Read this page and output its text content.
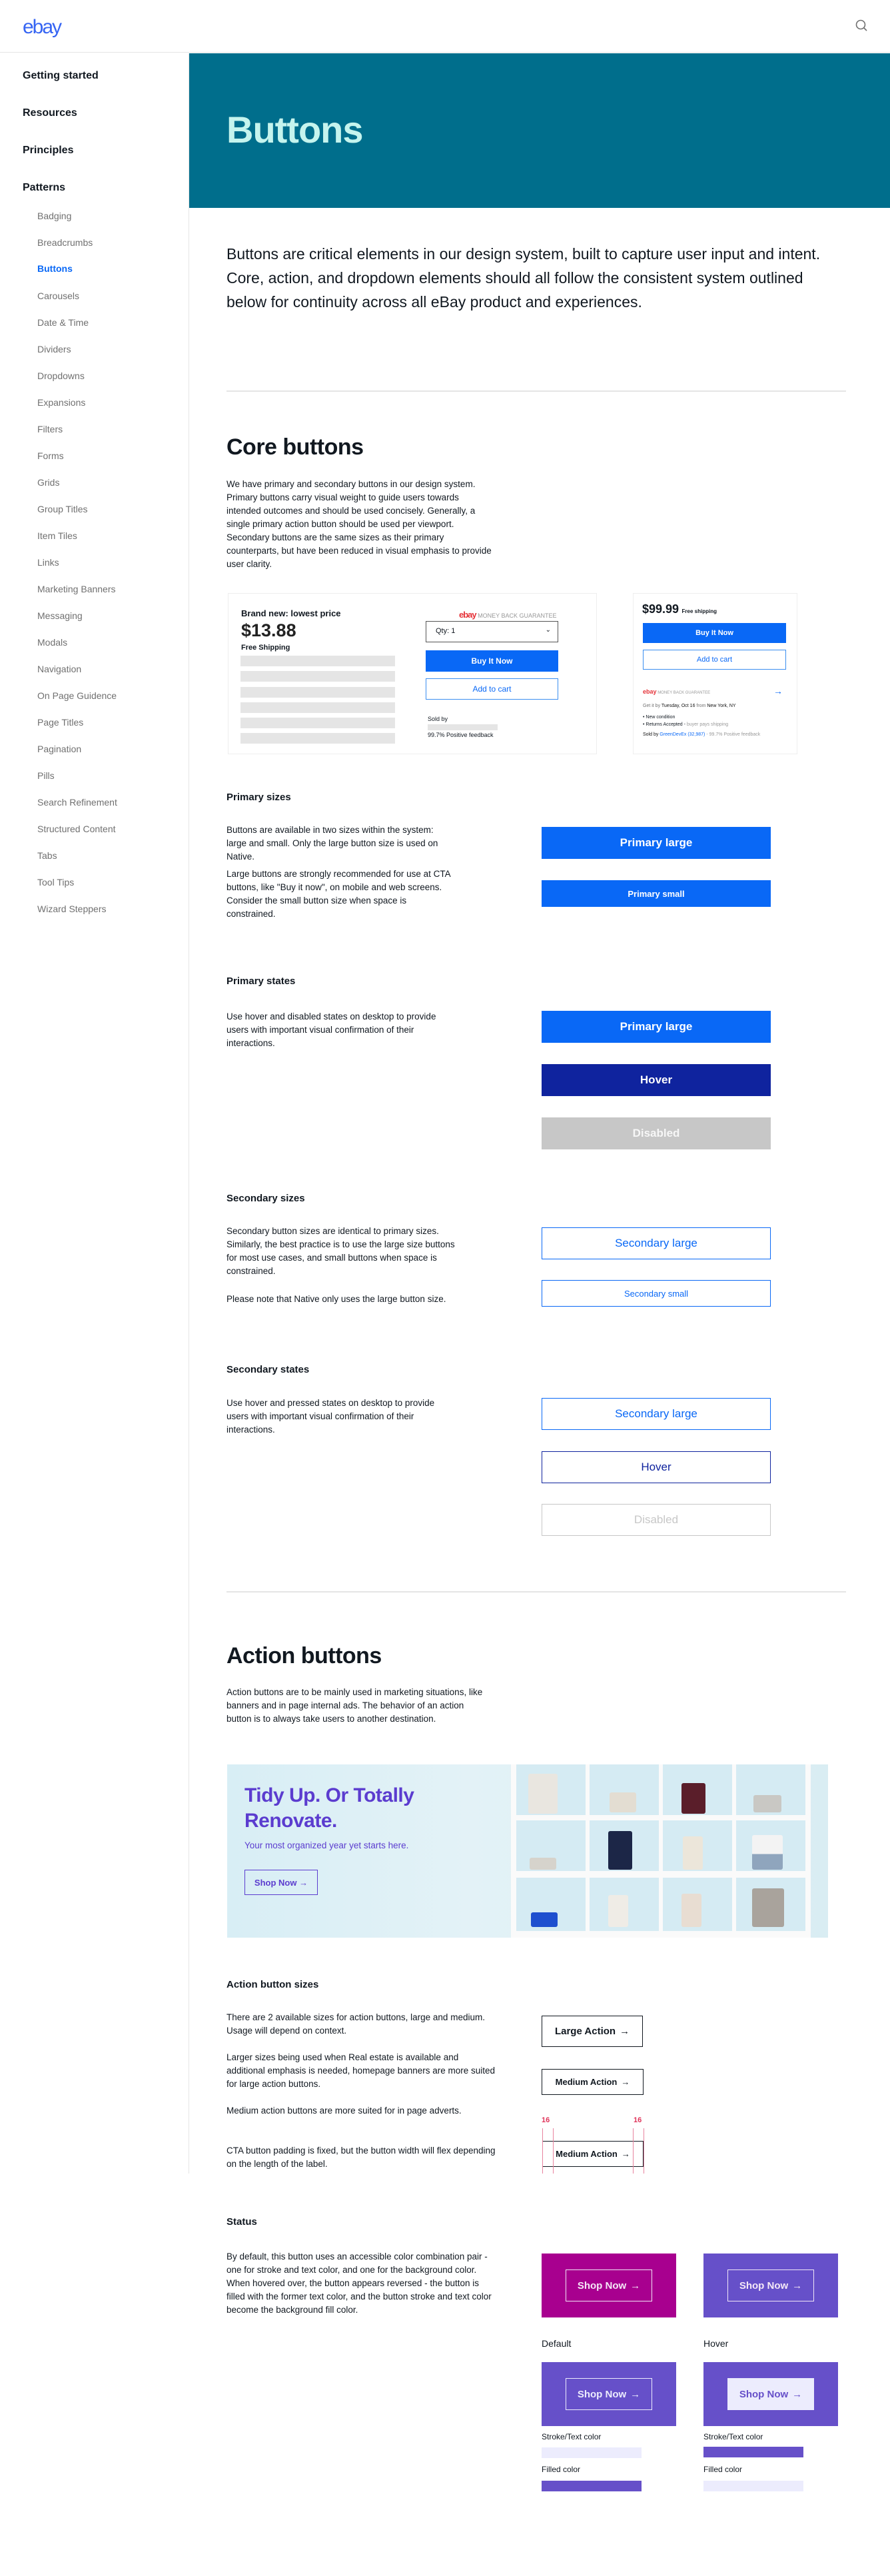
ebay
Getting started
Resources
Principles
Patterns
Badging
Breadcrumbs
Buttons
Carousels
Date & Time
Dividers
Dropdowns
Expansions
Filters
Forms
Grids
Group Titles
Item Tiles
Links
Marketing Banners
Messaging
Modals
Navigation
On Page Guidence
Page Titles
Pagination
Pills
Search Refinement
Structured Content
Tabs
Tool Tips
Wizard Steppers
Buttons

Buttons are critical elements in our design system, built to capture user input and intent. Core, action, and dropdown elements should all follow the consistent system outlined below for continuity across all eBay product and experiences.

Core buttons

We have primary and secondary buttons in our design system. Primary buttons carry visual weight to guide users towards intended outcomes and should be used concisely. Generally, a single primary action button should be used per viewport. Secondary buttons are the same sizes as their primary counterparts, but have been reduced in visual emphasis to provide user clarity.

Brand new: lowest price
$13.88
Free Shipping
ebay MONEY BACK GUARANTEE
Qty: 1	⌄
Buy It Now
Add to cart
Sold by
99.7% Positive feedback
$99.99 Free shipping
Buy It Now
Add to cart
ebay MONEY BACK GUARANTEE	→
Get it by Tuesday, Oct 16 from New York, NY
• New condition
• Returns Accepted - buyer pays shipping
Sold by GreenDevEx (32,987) - 99.7% Positive feedback
Primary sizes

Buttons are available in two sizes within the system: large and small. Only the large button size is used on Native.

Large buttons are strongly recommended for use at CTA buttons, like "Buy it now", on mobile and web screens. Consider the small button size when space is constrained.

Primary large
Primary small
Primary states

Use hover and disabled states on desktop to provide users with important visual confirmation of their interactions.

Primary large
Hover
Disabled
Secondary sizes

Secondary button sizes are identical to primary sizes. Similarly, the best practice is to use the large size buttons for most use cases, and small buttons when space is constrained.

Please note that Native only uses the large button size.

Secondary large
Secondary small
Secondary states

Use hover and pressed states on desktop to provide users with important visual confirmation of their interactions.

Secondary large
Hover
Disabled
Action buttons

Action buttons are to be mainly used in marketing situations, like banners and in page internal ads. The behavior of an action button is to always take users to another destination.

Tidy Up. Or Totally Renovate.
Your most organized year yet starts here.
Shop Now
→
Action button sizes

There are 2 available sizes for action buttons, large and medium. Usage will depend on context.

Larger sizes being used when Real estate is available and additional emphasis is needed, homepage banners are more suited for large action buttons.

Medium action buttons are more suited for in page adverts.

CTA button padding is fixed, but the button width will flex depending on the length of the label.

Large Action →
Medium Action →
16	16
Medium Action →
Status

By default, this button uses an accessible color combination pair - one for stroke and text color, and one for the background color. When hovered over, the button appears reversed - the button is filled with the former text color, and the button stroke and text color become the background fill color.

Shop Now →	Shop Now →
Default	Hover
Shop Now →	Shop Now →
Stroke/Text color
Filled color
Stroke/Text color
Filled color
